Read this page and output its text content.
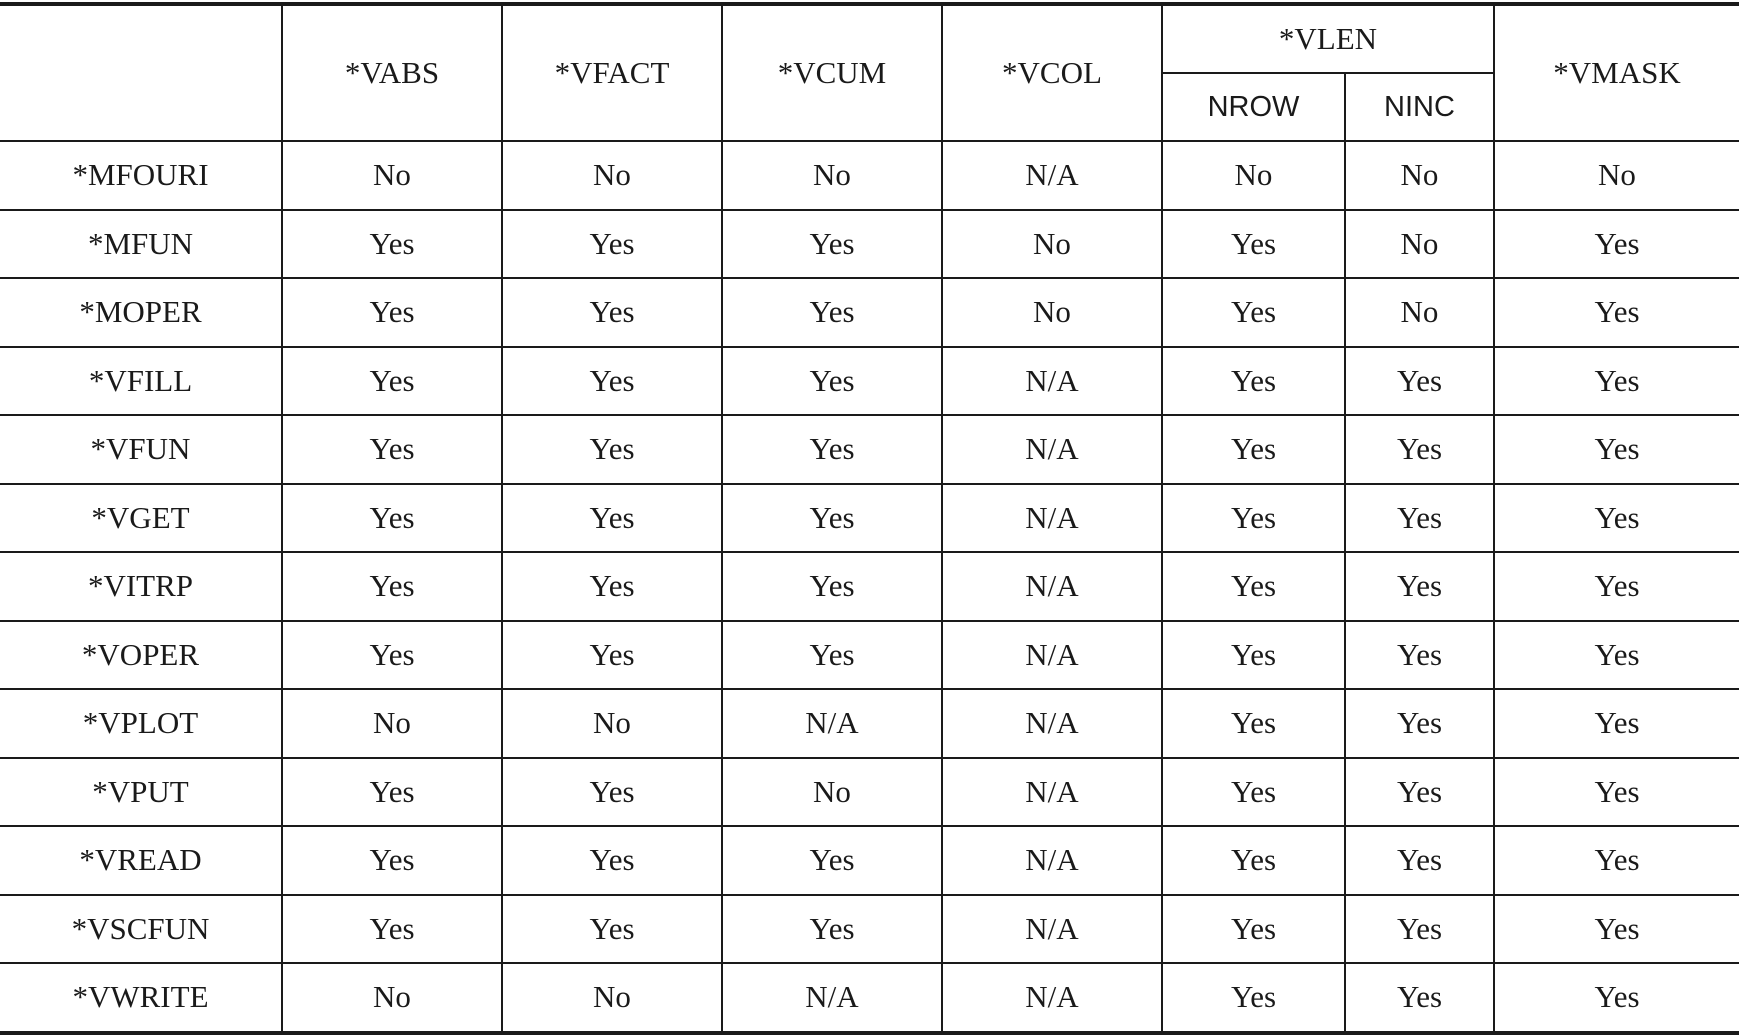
	*VABS	*VFACT	*VCUM	*VCOL	*VLEN		*VMASK
					NROW	NINC	
*MFOURI	No	No	No	N/A	No	No	No
*MFUN	Yes	Yes	Yes	No	Yes	No	Yes
*MOPER	Yes	Yes	Yes	No	Yes	No	Yes
*VFILL	Yes	Yes	Yes	N/A	Yes	Yes	Yes
*VFUN	Yes	Yes	Yes	N/A	Yes	Yes	Yes
*VGET	Yes	Yes	Yes	N/A	Yes	Yes	Yes
*VITRP	Yes	Yes	Yes	N/A	Yes	Yes	Yes
*VOPER	Yes	Yes	Yes	N/A	Yes	Yes	Yes
*VPLOT	No	No	N/A	N/A	Yes	Yes	Yes
*VPUT	Yes	Yes	No	N/A	Yes	Yes	Yes
*VREAD	Yes	Yes	Yes	N/A	Yes	Yes	Yes
*VSCFUN	Yes	Yes	Yes	N/A	Yes	Yes	Yes
*VWRITE	No	No	N/A	N/A	Yes	Yes	Yes
